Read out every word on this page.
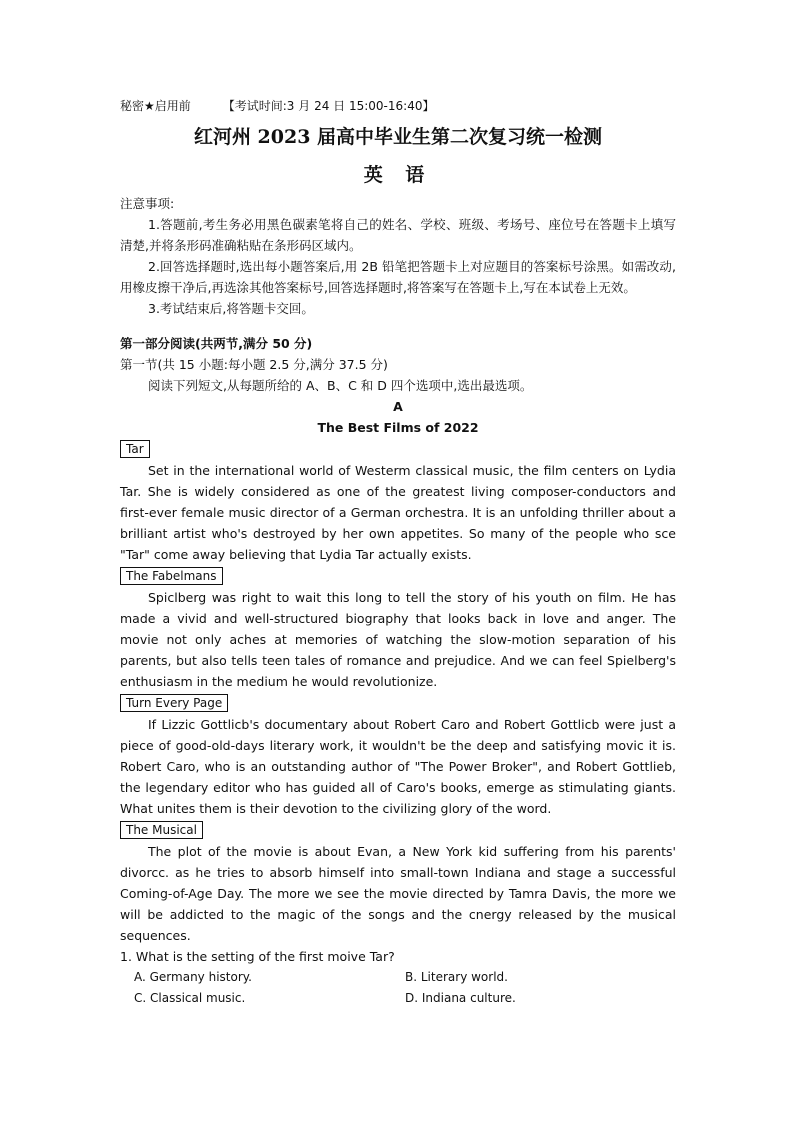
秘密★启用前	【考试时间:3 月 24 日 15:00-16:40】
红河州 2023 届高中毕业生第二次复习统一检测
英 语
注意事项:

1.答题前,考生务必用黑色碳素笔将自己的姓名、学校、班级、考场号、座位号在答题卡上填写清楚,并将条形码准确粘贴在条形码区域内。

2.回答选择题时,选出每小题答案后,用 2B 铅笔把答题卡上对应题目的答案标号涂黑。如需改动,用橡皮擦干净后,再选涂其他答案标号,回答选择题时,将答案写在答题卡上,写在本试卷上无效。

3.考试结束后,将答题卡交回。

第一部分阅读(共两节,满分 50 分)
第一节(共 15 小题:每小题 2.5 分,满分 37.5 分)
阅读下列短文,从每题所给的 A、B、C 和 D 四个选项中,选出最选项。
A
The Best Films of 2022
Tar

Set in the international world of Westerm classical music, the film centers on Lydia Tar. She is widely considered as one of the greatest living composer-conductors and first-ever female music director of a German orchestra. It is an unfolding thriller about a brilliant artist who's destroyed by her own appetites. So many of the people who sce "Tar" come away believing that Lydia Tar actually exists.

The Fabelmans

Spiclberg was right to wait this long to tell the story of his youth on film. He has made a vivid and well-structured biography that looks back in love and anger. The movie not only aches at memories of watching the slow-motion separation of his parents, but also tells teen tales of romance and prejudice. And we can feel Spielberg's enthusiasm in the medium he would revolutionize.

Turn Every Page

If Lizzic Gottlicb's documentary about Robert Caro and Robert Gottlicb were just a piece of good-old-days literary work, it wouldn't be the deep and satisfying movic it is. Robert Caro, who is an outstanding author of "The Power Broker", and Robert Gottlieb, the legendary editor who has guided all of Caro's books, emerge as stimulating giants. What unites them is their devotion to the civilizing glory of the word.

The Musical

The plot of the movie is about Evan, a New York kid suffering from his parents' divorcc. as he tries to absorb himself into small-town Indiana and stage a successful Coming-of-Age Day. The more we see the movie directed by Tamra Davis, the more we will be addicted to the magic of the songs and the cnergy released by the musical sequences.

1. What is the setting of the first moive Tar?
A. Germany history.	B. Literary world.
C. Classical music.	D. Indiana culture.
